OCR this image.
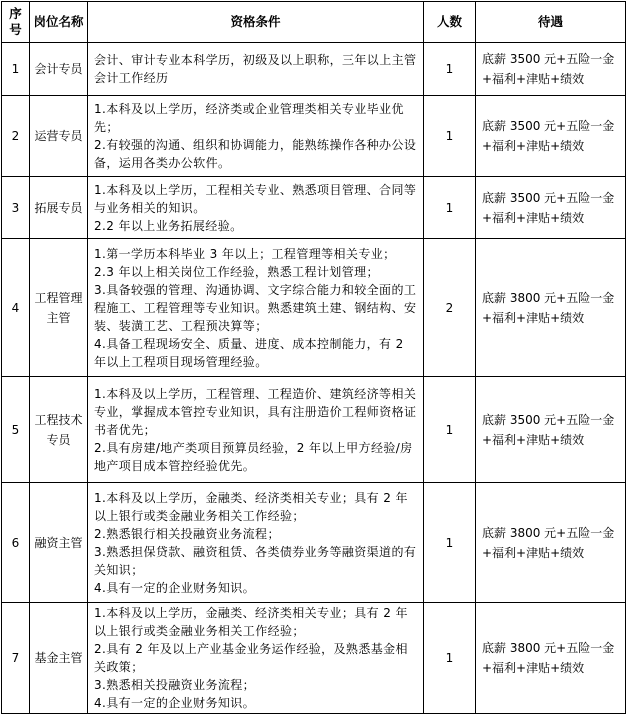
序号	岗位名称	资格条件	人数	待遇
1	会计专员	会计、审计专业本科学历，初级及以上职称，三年以上主管会计工作经历	1	底薪 3500 元+五险一金+福利+津贴+绩效
2	运营专员	1.本科及以上学历，经济类或企业管理类相关专业毕业优先；
2.有较强的沟通、组织和协调能力，能熟练操作各种办公设备，运用各类办公软件。	1	底薪 3500 元+五险一金+福利+津贴+绩效
3	拓展专员	1.本科及以上学历，工程相关专业、熟悉项目管理、合同等与业务相关的知识。
2.2 年以上业务拓展经验。	1	底薪 3500 元+五险一金+福利+津贴+绩效
4	工程管理主管	1.第一学历本科毕业 3 年以上；工程管理等相关专业；
2.3 年以上相关岗位工作经验，熟悉工程计划管理；
3.具备较强的管理、沟通协调、文字综合能力和较全面的工程施工、工程管理等专业知识。熟悉建筑土建、钢结构、安装、装潢工艺、工程预决算等；
4.具备工程现场安全、质量、进度、成本控制能力，有 2 年以上工程项目现场管理经验。	2	底薪 3800 元+五险一金+福利+津贴+绩效
5	工程技术专员	1.本科及以上学历，工程管理、工程造价、建筑经济等相关专业，掌握成本管控专业知识，具有注册造价工程师资格证书者优先；
2.具有房建/地产类项目预算员经验，2 年以上甲方经验/房地产项目成本管控经验优先。	1	底薪 3500 元+五险一金+福利+津贴+绩效
6	融资主管	1.本科及以上学历，金融类、经济类相关专业；具有 2 年以上银行或类金融业务相关工作经验；
2.熟悉银行相关投融资业务流程；
3.熟悉担保贷款、融资租赁、各类债券业务等融资渠道的有关知识；
4.具有一定的企业财务知识。	1	底薪 3800 元+五险一金+福利+津贴+绩效
7	基金主管	1.本科及以上学历，金融类、经济类相关专业；具有 2 年以上银行或类金融业务相关工作经验；
2.具有 2 年及以上产业基金业务运作经验，及熟悉基金相关政策；
3.熟悉相关投融资业务流程；
4.具有一定的企业财务知识。	1	底薪 3800 元+五险一金+福利+津贴+绩效
